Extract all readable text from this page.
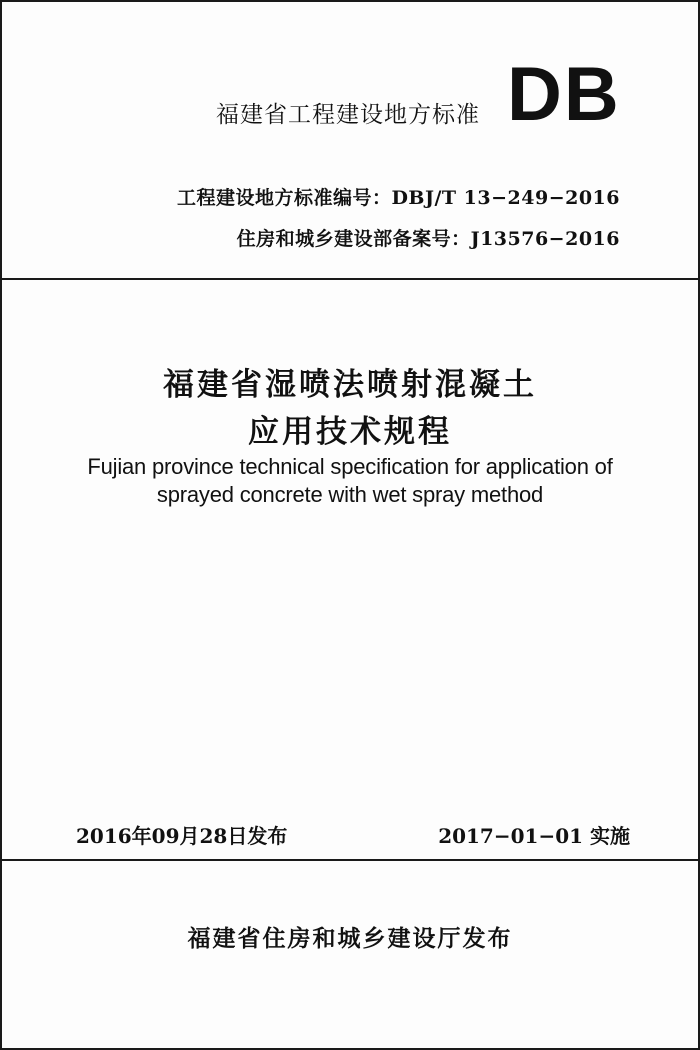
福建省工程建设地方标准 DB
工程建设地方标准编号：DBJ/T 13−249−2016
住房和城乡建设部备案号：J13576−2016
福建省湿喷法喷射混凝土
应用技术规程
Fujian province technical specification for application of
sprayed concrete with wet spray method
2016年09月28日发布	2017−01−01 实施
福建省住房和城乡建设厅发布
